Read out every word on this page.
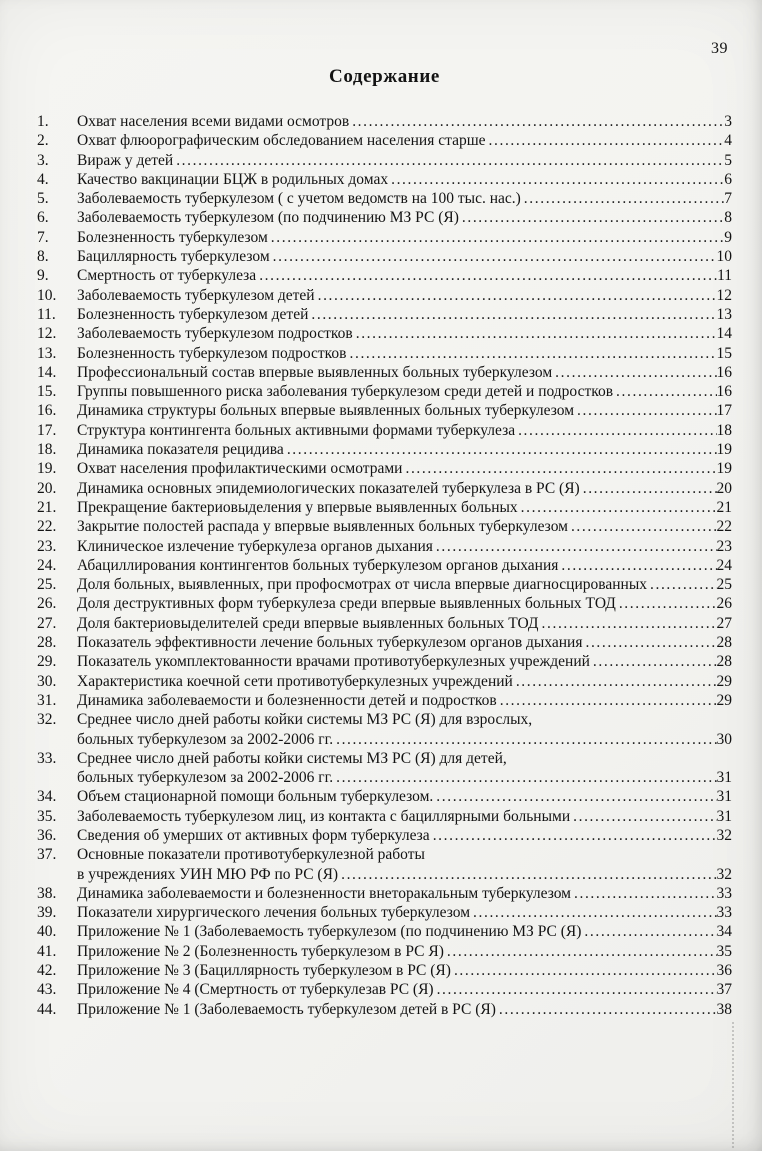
39
Содержание
1.	Охват населения всеми видами осмотров .....	3
2.	Охват флюорографическим обследованием населения старше .....	4
3.	Вираж у детей .....	5
4.	Качество вакцинации БЦЖ в родильных домах .....	6
5.	Заболеваемость туберкулезом ( с учетом ведомств на 100 тыс. нас.) .....	7
6.	Заболеваемость туберкулезом (по подчинению МЗ РС (Я) .....	8
7.	Болезненность туберкулезом .....	9
8.	Бациллярность туберкулезом .....	10
9.	Смертность от туберкулеза .....	11
10.	Заболеваемость туберкулезом детей .....	12
11.	Болезненность туберкулезом детей .....	13
12.	Заболеваемость туберкулезом подростков .....	14
13.	Болезненность туберкулезом подростков .....	15
14.	Профессиональный состав впервые выявленных больных туберкулезом .....	16
15.	Группы повышенного риска заболевания туберкулезом среди детей и подростков .....	16
16.	Динамика структуры больных впервые выявленных больных туберкулезом .....	17
17.	Структура контингента больных активными формами туберкулеза .....	18
18.	Динамика показателя рецидива .....	19
19.	Охват населения профилактическими осмотрами .....	19
20.	Динамика основных эпидемиологических показателей туберкулеза в РС (Я) .....	20
21.	Прекращение бактериовыделения у впервые выявленных больных .....	21
22.	Закрытие полостей распада у впервые выявленных больных туберкулезом .....	22
23.	Клиническое излечение туберкулеза органов дыхания .....	23
24.	Абациллирования контингентов больных туберкулезом органов дыхания .....	24
25.	Доля больных, выявленных, при профосмотрах от числа впервые диагносцированных .....	25
26.	Доля деструктивных форм туберкулеза среди впервые выявленных больных ТОД .....	26
27.	Доля бактериовыделителей среди впервые выявленных больных ТОД .....	27
28.	Показатель эффективности лечение больных туберкулезом органов дыхания .....	28
29.	Показатель укомплектованности врачами противотуберкулезных учреждений .....	28
30.	Характеристика коечной сети противотуберкулезных учреждений .....	29
31.	Динамика заболеваемости и болезненности детей и подростков .....	29
32.	Среднее число дней работы койки системы МЗ РС (Я) для взрослых,
больных туберкулезом за 2002-2006 гг. .....	30
33.	Среднее число дней работы койки системы МЗ РС (Я) для детей,
больных туберкулезом за 2002-2006 гг. .....	31
34.	Объем стационарной помощи больным туберкулезом. .....	31
35.	Заболеваемость туберкулезом лиц, из контакта с бациллярными больными .....	31
36.	Сведения об умерших от активных форм туберкулеза .....	32
37.	Основные показатели противотуберкулезной работы
в учреждениях УИН МЮ РФ по РС (Я) .....	32
38.	Динамика заболеваемости и болезненности внеторакальным туберкулезом .....	33
39.	Показатели хирургического лечения больных туберкулезом .....	33
40.	Приложение № 1 (Заболеваемость туберкулезом (по подчинению МЗ РС (Я) .....	34
41.	Приложение № 2 (Болезненность туберкулезом в РС Я) .....	35
42.	Приложение № 3 (Бациллярность туберкулезом в РС (Я) .....	36
43.	Приложение № 4 (Смертность от туберкулезав РС (Я) .....	37
44.	Приложение № 1 (Заболеваемость туберкулезом детей в РС (Я) .....	38
